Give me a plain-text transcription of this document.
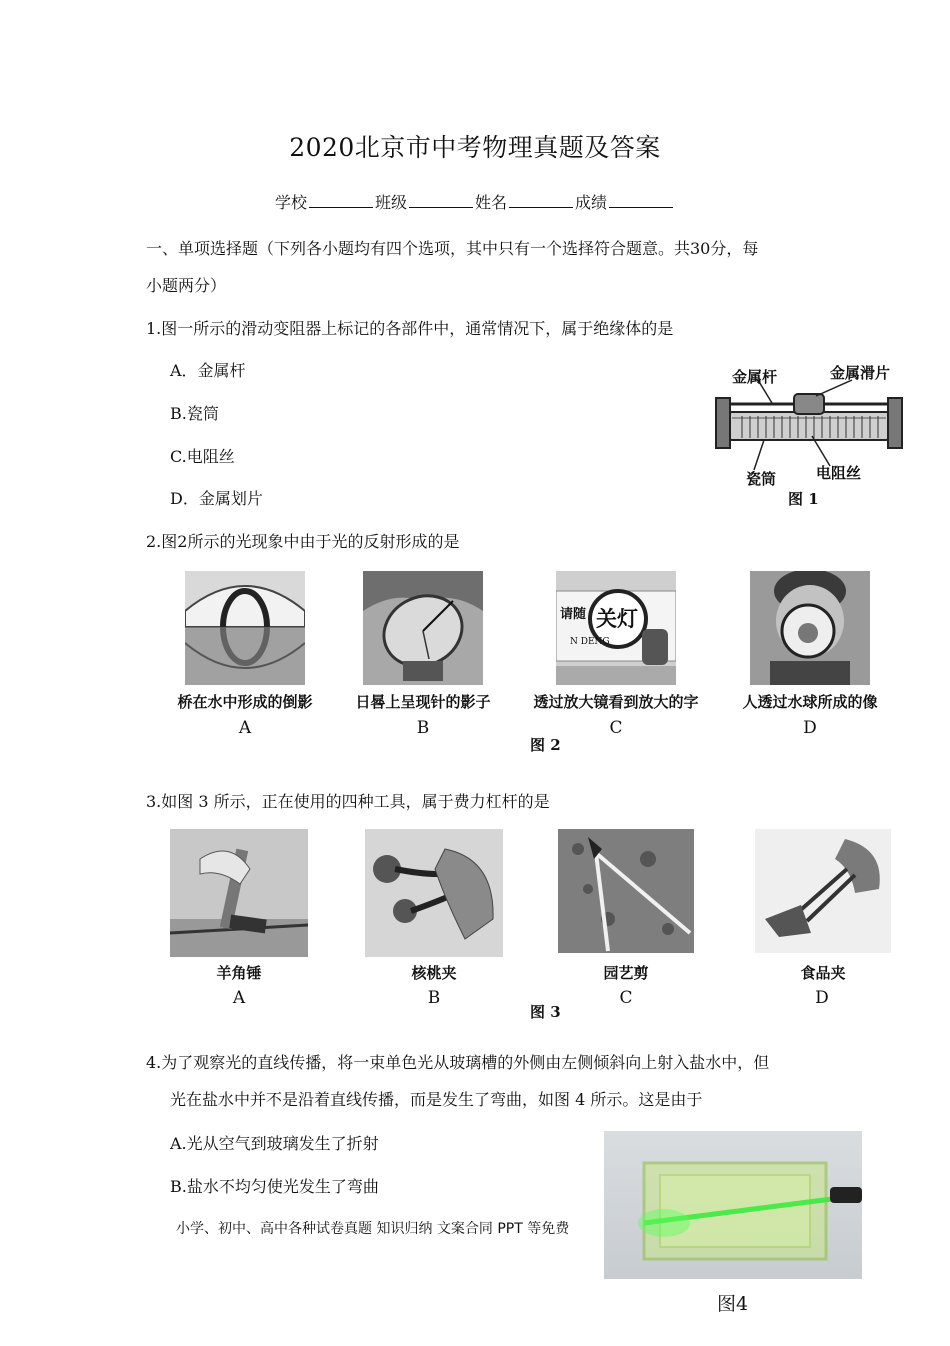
2020北京市中考物理真题及答案
学校	班级	姓名	成绩
一、单项选择题（下列各小题均有四个选项，其中只有一个选择符合题意。共30分，每
小题两分）
1.图一所示的滑动变阻器上标记的各部件中，通常情况下，属于绝缘体的是
A．金属杆
B.瓷筒
C.电阻丝
D．金属划片
金属杆	金属滑片
瓷筒	电阻丝
图 1
2.图2所示的光现象中由于光的反射形成的是
关灯
请随
N DENG
桥在水中形成的倒影	日晷上呈现针的影子	透过放大镜看到放大的字	人透过水球所成的像
A	B	C	D
图 2
3.如图 3 所示，正在使用的四种工具，属于费力杠杆的是
羊角锤	核桃夹	园艺剪	食品夹
A	B	C	D
图 3
4.为了观察光的直线传播，将一束单色光从玻璃槽的外侧由左侧倾斜向上射入盐水中，但
光在盐水中并不是沿着直线传播，而是发生了弯曲，如图 4 所示。这是由于
A.光从空气到玻璃发生了折射
B.盐水不均匀使光发生了弯曲
小学、初中、高中各种试卷真题 知识归纳 文案合同 PPT 等免费
图4
